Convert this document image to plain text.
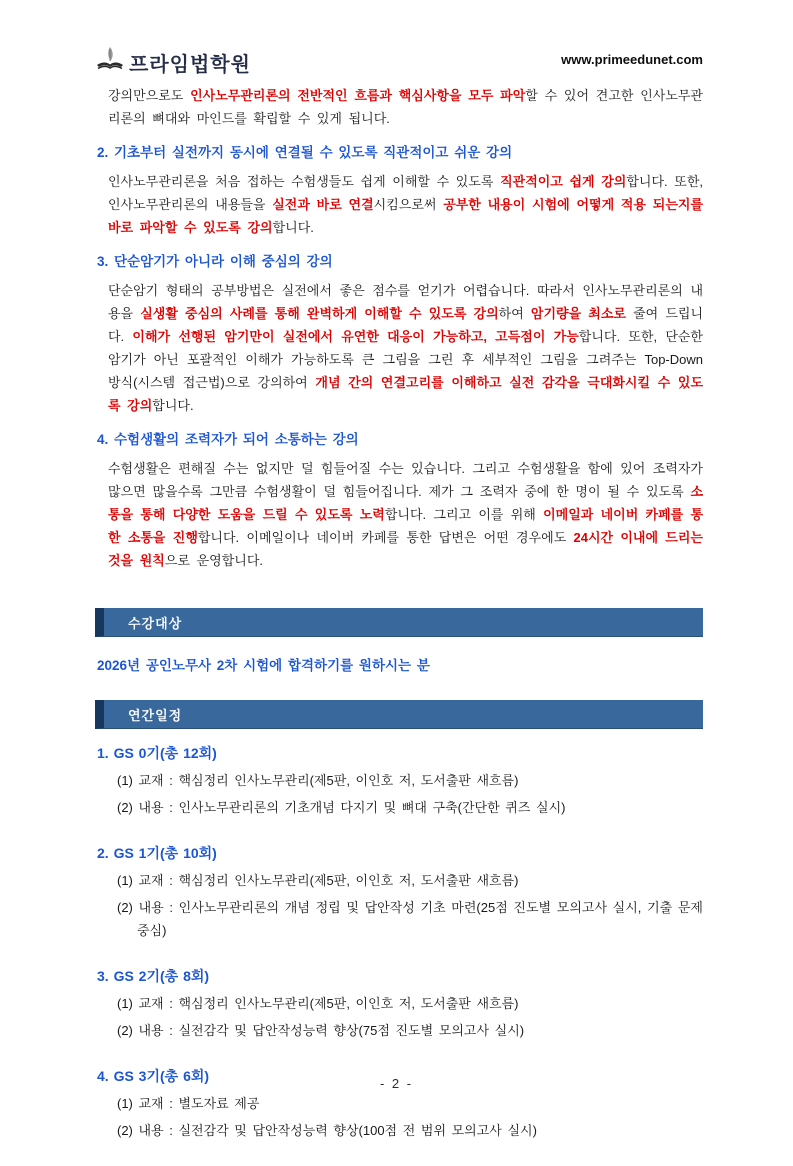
프라임법학원	www.primeedunet.com
강의만으로도 인사노무관리론의 전반적인 흐름과 핵심사항을 모두 파악할 수 있어 견고한 인사노무관리론의 뼈대와 마인드를 확립할 수 있게 됩니다.
2. 기초부터 실전까지 동시에 연결될 수 있도록 직관적이고 쉬운 강의
인사노무관리론을 처음 접하는 수험생들도 쉽게 이해할 수 있도록 직관적이고 쉽게 강의합니다. 또한, 인사노무관리론의 내용들을 실전과 바로 연결시킴으로써 공부한 내용이 시험에 어떻게 적용 되는지를 바로 파악할 수 있도록 강의합니다.
3. 단순암기가 아니라 이해 중심의 강의
단순암기 형태의 공부방법은 실전에서 좋은 점수를 얻기가 어렵습니다. 따라서 인사노무관리론의 내용을 실생활 중심의 사례를 통해 완벽하게 이해할 수 있도록 강의하여 암기량을 최소로 줄여 드립니다. 이해가 선행된 암기만이 실전에서 유연한 대응이 가능하고, 고득점이 가능합니다. 또한, 단순한 암기가 아닌 포괄적인 이해가 가능하도록 큰 그림을 그린 후 세부적인 그림을 그려주는 Top-Down 방식(시스템 접근법)으로 강의하여 개념 간의 연결고리를 이해하고 실전 감각을 극대화시킬 수 있도록 강의합니다.
4. 수험생활의 조력자가 되어 소통하는 강의
수험생활은 편해질 수는 없지만 덜 힘들어질 수는 있습니다. 그리고 수험생활을 함에 있어 조력자가 많으면 많을수록 그만큼 수험생활이 덜 힘들어집니다. 제가 그 조력자 중에 한 명이 될 수 있도록 소통을 통해 다양한 도움을 드릴 수 있도록 노력합니다. 그리고 이를 위해 이메일과 네이버 카페를 통한 소통을 진행합니다. 이메일이나 네이버 카페를 통한 답변은 어떤 경우에도 24시간 이내에 드리는 것을 원칙으로 운영합니다.
수강대상
2026년 공인노무사 2차 시험에 합격하기를 원하시는 분
연간일정
1. GS 0기(총 12회)
(1) 교재 : 핵심정리 인사노무관리(제5판, 이인호 저, 도서출판 새흐름)
(2) 내용 : 인사노무관리론의 기초개념 다지기 및 뼈대 구축(간단한 퀴즈 실시)
2. GS 1기(총 10회)
(1) 교재 : 핵심정리 인사노무관리(제5판, 이인호 저, 도서출판 새흐름)
(2) 내용 : 인사노무관리론의 개념 정립 및 답안작성 기초 마련(25점 진도별 모의고사 실시, 기출 문제 중심)
3. GS 2기(총 8회)
(1) 교재 : 핵심정리 인사노무관리(제5판, 이인호 저, 도서출판 새흐름)
(2) 내용 : 실전감각 및 답안작성능력 향상(75점 진도별 모의고사 실시)
4. GS 3기(총 6회)
(1) 교재 : 별도자료 제공
(2) 내용 : 실전감각 및 답안작성능력 향상(100점 전 범위 모의고사 실시)
- 2 -
